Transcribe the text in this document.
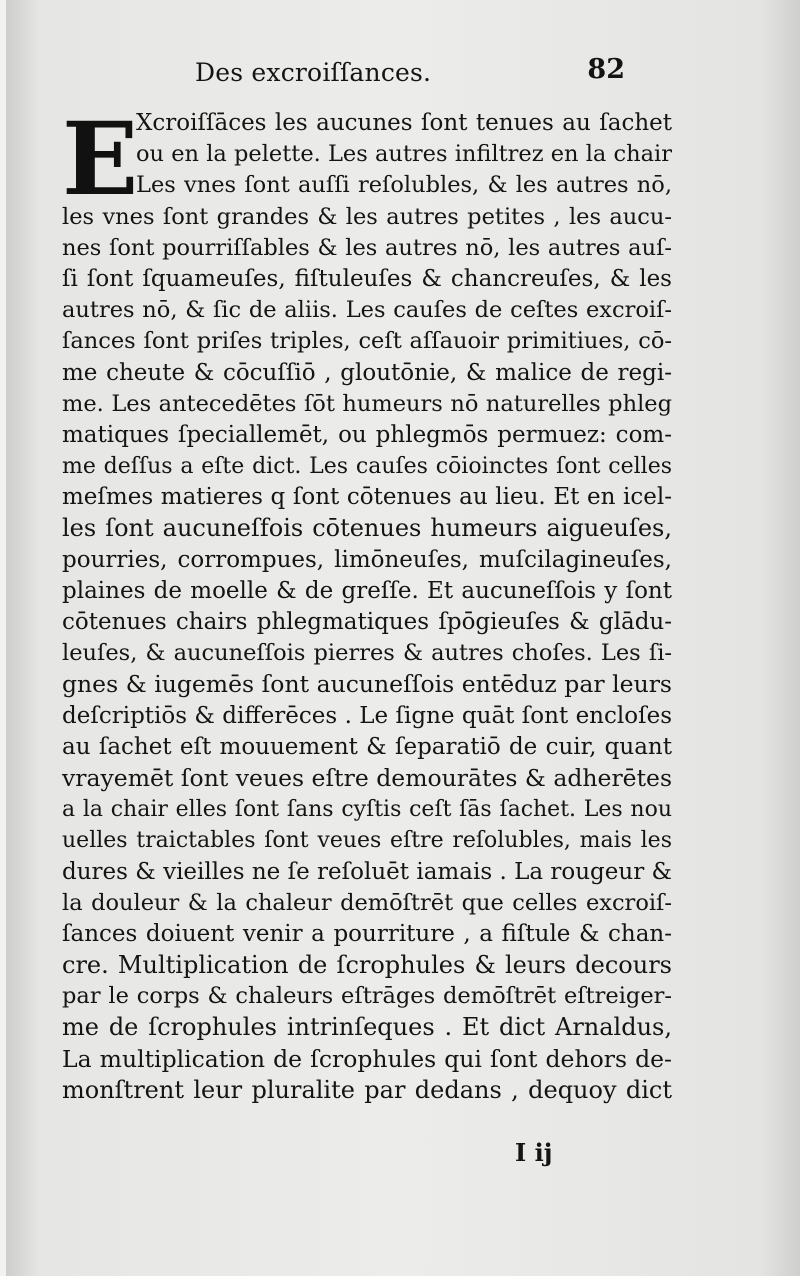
Des excroiſſances.	82
E
Xcroiſſāces les aucunes ſont tenues au ſachet
ou en la pelette. Les autres infiltrez en la chair
Les vnes ſont auſſi reſolubles, & les autres nō,
les vnes ſont grandes & les autres petites , les aucu-
nes ſont pourriſſables & les autres nō, les autres auſ-
ſi ſont ſquameuſes, fiſtuleuſes & chancreuſes, & les
autres nō, & ſic de aliis. Les cauſes de ceſtes excroiſ-
ſances ſont priſes triples, ceſt aſſauoir primitiues, cō-
me cheute & cōcuſſiō , gloutōnie, & malice de regi-
me. Les antecedētes ſōt humeurs nō naturelles phleg
matiques ſpeciallemēt, ou phlegmōs permuez: com-
me deſſus a eſte dict. Les cauſes cōioinctes ſont celles
meſmes matieres q ſont cōtenues au lieu. Et en icel-
les ſont aucuneſfois cōtenues humeurs aigueuſes,
pourries, corrompues, limōneuſes, muſcilagineuſes,
plaines de moelle & de greſſe. Et aucuneſſois y ſont
cōtenues chairs phlegmatiques ſpōgieuſes & glādu-
leuſes, & aucuneſſois pierres & autres choſes. Les ſi-
gnes & iugemēs ſont aucuneſſois entēduz par leurs
deſcriptiōs & differēces . Le ſigne quāt ſont encloſes
au ſachet eſt mouuement & ſeparatiō de cuir, quant
vrayemēt ſont veues eſtre demourātes & adherētes
a la chair elles ſont ſans cyſtis ceſt ſās ſachet. Les nou
uelles traictables ſont veues eſtre reſolubles, mais les
dures & vieilles ne ſe reſoluēt iamais . La rougeur &
la douleur & la chaleur demōſtrēt que celles excroiſ-
ſances doiuent venir a pourriture , a fiſtule & chan-
cre. Multiplication de ſcrophules & leurs decours
par le corps & chaleurs eſtrāges demōſtrēt eſtreiger-
me de ſcrophules intrinſeques . Et dict Arnaldus,
La multiplication de ſcrophules qui ſont dehors de-
monſtrent leur pluralite par dedans , dequoy dict
I ij
